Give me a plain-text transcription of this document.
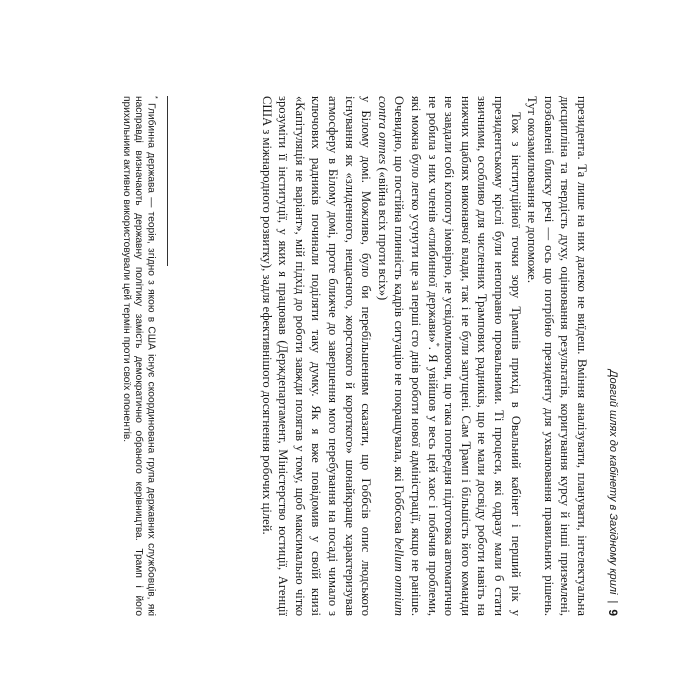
Довгий шлях до кабінету в Західному крилі
|
9

президента. Та лише на них далеко не виїдеш. Вміння аналізувати, планувати, інтелектуальна дисципліна та твердість духу, оцінювання результатів, коригування курсу й інші приземлені, позбавлені блиску речі — ось що потрібно президенту для ухвалювання правильних рішень. Тут окозамилювання не допоможе.

Тож з інституційної точки зору Трампів прихід в Овальний кабінет і перший рік у президентському кріслі були непоправно провальними. Ті процеси, які одразу мали б стати звичними, особливо для численних Трампових радників, що не мали досвіду роботи навіть на нижчих щаблях виконавчої влади, так і не були запущені. Сам Трамп і більшість його команди не завдали собі клопоту імовірно, не усвідомлюючи, що така попередня підготовка автоматично не робила з них членів «глибинної держави»*. Я увійшов у весь цей хаос і побачив проблеми, які можна було легко усунути ще за перші сто днів роботи нової адміністрації, якщо не раніше. Очевидно, що постійна плинність кадрів ситуацію не покращувала, які Гоббсова bellum omnium contra omnes («війна всіх проти всіх»)

у Білому домі. Можливо, було би перебільшенням сказати, що Гоббсів опис людського існування як «злиденного, нещасного, жорстокого й короткого» шонайкраще характеризував атмосферу в Білому домі, проте ближче до завершення мого перебування на посаді чимало з ключових радників починали поділяти таку думку. Як я вже повідомив у своїй книзі «Капітуляція не варіант», мій підхід до роботи завжди полягав у тому, щоб максимально чітко зрозуміти її інституції, у яких я працював (Держдепартамент, Міністерство юстиції, Агенції США з міжнародного розвитку), задля ефективнішого досягнення робочих цілей.

* Глибинна держава — теорія, згідно з якою в США існує скоординована група державних службовців, які насправді визначають державну політику замість демократично обраного керівництва. Трамп і його прихильники активно використовували цей термін проти своїх опонентів.
